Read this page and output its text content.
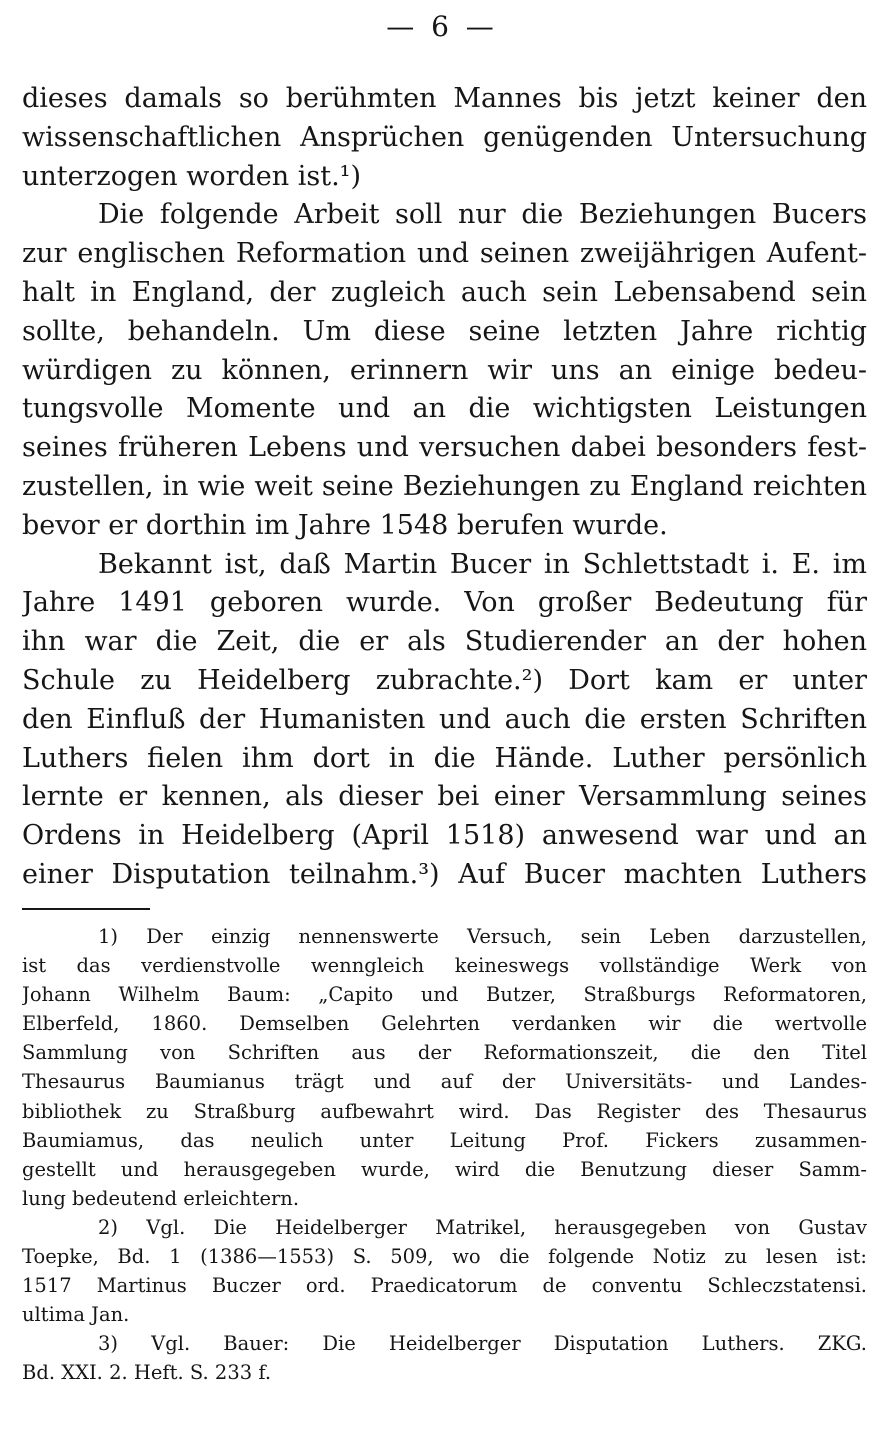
— 6 —
dieses damals so berühmten Mannes bis jetzt keiner den
wissenschaftlichen Ansprüchen genügenden Untersuchung
unterzogen worden ist.¹)
Die folgende Arbeit soll nur die Beziehungen Bucers
zur englischen Reformation und seinen zweijährigen Aufent-
halt in England, der zugleich auch sein Lebensabend sein
sollte, behandeln. Um diese seine letzten Jahre richtig
würdigen zu können, erinnern wir uns an einige bedeu-
tungsvolle Momente und an die wichtigsten Leistungen
seines früheren Lebens und versuchen dabei besonders fest-
zustellen, in wie weit seine Beziehungen zu England reichten
bevor er dorthin im Jahre 1548 berufen wurde.
Bekannt ist, daß Martin Bucer in Schlettstadt i. E. im
Jahre 1491 geboren wurde. Von großer Bedeutung für
ihn war die Zeit, die er als Studierender an der hohen
Schule zu Heidelberg zubrachte.²) Dort kam er unter
den Einfluß der Humanisten und auch die ersten Schriften
Luthers fielen ihm dort in die Hände. Luther persönlich
lernte er kennen, als dieser bei einer Versammlung seines
Ordens in Heidelberg (April 1518) anwesend war und an
einer Disputation teilnahm.³) Auf Bucer machten Luthers
1) Der einzig nennenswerte Versuch, sein Leben darzustellen,
ist das verdienstvolle wenngleich keineswegs vollständige Werk von
Johann Wilhelm Baum: „Capito und Butzer, Straßburgs Reformatoren,
Elberfeld, 1860. Demselben Gelehrten verdanken wir die wertvolle
Sammlung von Schriften aus der Reformationszeit, die den Titel
Thesaurus Baumianus trägt und auf der Universitäts- und Landes-
bibliothek zu Straßburg aufbewahrt wird. Das Register des Thesaurus
Baumiamus, das neulich unter Leitung Prof. Fickers zusammen-
gestellt und herausgegeben wurde, wird die Benutzung dieser Samm-
lung bedeutend erleichtern.
2) Vgl. Die Heidelberger Matrikel, herausgegeben von Gustav
Toepke, Bd. 1 (1386—1553) S. 509, wo die folgende Notiz zu lesen ist:
1517 Martinus Buczer ord. Praedicatorum de conventu Schleczstatensi.
ultima Jan.
3) Vgl. Bauer: Die Heidelberger Disputation Luthers. ZKG.
Bd. XXI. 2. Heft. S. 233 f.
